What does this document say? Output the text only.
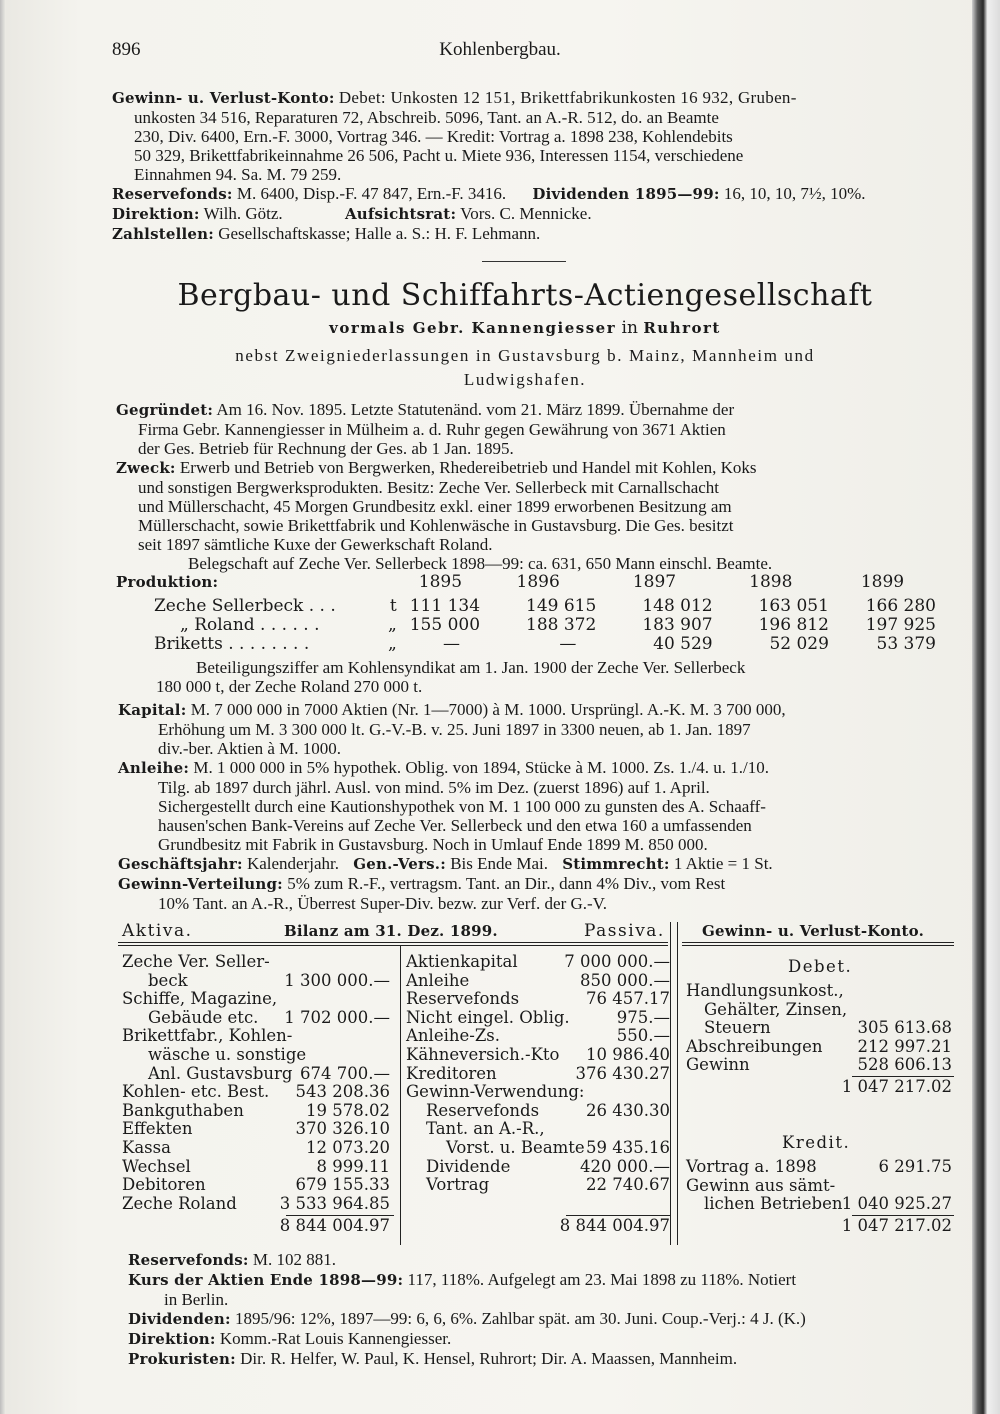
896	Kohlenbergbau.
Gewinn- u. Verlust-Konto: Debet: Unkosten 12 151, Brikettfabrikunkosten 16 932, Gruben-
unkosten 34 516, Reparaturen 72, Abschreib. 5096, Tant. an A.-R. 512, do. an Beamte
230, Div. 6400, Ern.-F. 3000, Vortrag 346. — Kredit: Vortrag a. 1898 238, Kohlendebits
50 329, Brikettfabrikeinnahme 26 506, Pacht u. Miete 936, Interessen 1154, verschiedene
Einnahmen 94. Sa. M. 79 259.
Reservefonds: M. 6400, Disp.-F. 47 847, Ern.-F. 3416. Dividenden 1895—99: 16, 10, 10, 7½, 10%.
Direktion: Wilh. Götz.	Aufsichtsrat: Vors. C. Mennicke.
Zahlstellen: Gesellschaftskasse; Halle a. S.: H. F. Lehmann.
Bergbau- und Schiffahrts-Actiengesellschaft
vormals Gebr. Kannengiesser in Ruhrort
nebst Zweigniederlassungen in Gustavsburg b. Mainz, Mannheim und
Ludwigshafen.
Gegründet: Am 16. Nov. 1895. Letzte Statutenänd. vom 21. März 1899. Übernahme der
Firma Gebr. Kannengiesser in Mülheim a. d. Ruhr gegen Gewährung von 3671 Aktien
der Ges. Betrieb für Rechnung der Ges. ab 1 Jan. 1895.
Zweck: Erwerb und Betrieb von Bergwerken, Rhedereibetrieb und Handel mit Kohlen, Koks
und sonstigen Bergwerksprodukten. Besitz: Zeche Ver. Sellerbeck mit Carnallschacht
und Müllerschacht, 45 Morgen Grundbesitz exkl. einer 1899 erworbenen Besitzung am
Müllerschacht, sowie Brikettfabrik und Kohlenwäsche in Gustavsburg. Die Ges. besitzt
seit 1897 sämtliche Kuxe der Gewerkschaft Roland.
Belegschaft auf Zeche Ver. Sellerbeck 1898—99: ca. 631, 650 Mann einschl. Beamte.
Produktion:	1895	1896	1897	1898	1899

Zeche Sellerbeck . . . t	111 134	149 615	148 012	163 051	166 280
„ Roland . . . . . . „	155 000	188 372	183 907	196 812	197 925
Briketts . . . . . . . . „	—	—	40 529	52 029	53 379
Beteiligungsziffer am Kohlensyndikat am 1. Jan. 1900 der Zeche Ver. Sellerbeck
180 000 t, der Zeche Roland 270 000 t.
Kapital: M. 7 000 000 in 7000 Aktien (Nr. 1—7000) à M. 1000. Ursprüngl. A.-K. M. 3 700 000,
Erhöhung um M. 3 300 000 lt. G.-V.-B. v. 25. Juni 1897 in 3300 neuen, ab 1. Jan. 1897
div.-ber. Aktien à M. 1000.
Anleihe: M. 1 000 000 in 5% hypothek. Oblig. von 1894, Stücke à M. 1000. Zs. 1./4. u. 1./10.
Tilg. ab 1897 durch jährl. Ausl. von mind. 5% im Dez. (zuerst 1896) auf 1. April.
Sichergestellt durch eine Kautionshypothek von M. 1 100 000 zu gunsten des A. Schaaff-
hausen'schen Bank-Vereins auf Zeche Ver. Sellerbeck und den etwa 160 a umfassenden
Grundbesitz mit Fabrik in Gustavsburg. Noch in Umlauf Ende 1899 M. 850 000.
Geschäftsjahr: Kalenderjahr. Gen.-Vers.: Bis Ende Mai. Stimmrecht: 1 Aktie = 1 St.
Gewinn-Verteilung: 5% zum R.-F., vertragsm. Tant. an Dir., dann 4% Div., vom Rest
10% Tant. an A.-R., Überrest Super-Div. bezw. zur Verf. der G.-V.
Aktiva.	Bilanz am 31. Dez. 1899.	Passiva. Gewinn- u. Verlust-Konto.
Reservefonds: M. 102 881.
Kurs der Aktien Ende 1898—99: 117, 118%. Aufgelegt am 23. Mai 1898 zu 118%. Notiert
in Berlin.
Dividenden: 1895/96: 12%, 1897—99: 6, 6, 6%. Zahlbar spät. am 30. Juni. Coup.-Verj.: 4 J. (K.)
Direktion: Komm.-Rat Louis Kannengiesser.
Prokuristen: Dir. R. Helfer, W. Paul, K. Hensel, Ruhrort; Dir. A. Maassen, Mannheim.
Zeche Ver. Seller-
beck	1 300 000.—
Schiffe, Magazine,
Gebäude etc.	1 702 000.—
Brikettfabr., Kohlen-
wäsche u. sonstige
Anl. Gustavsburg 674 700.—
Kohlen- etc. Best.	543 208.36
Bankguthaben	19 578.02
Effekten	370 326.10
Kassa	12 073.20
Wechsel	8 999.11
Debitoren	679 155.33
Zeche Roland	3 533 964.85
8 844 004.97
Aktienkapital	7 000 000.—
Anleihe	850 000.—
Reservefonds	76 457.17
Nicht eingel. Oblig.	975.—
Anleihe-Zs.	550.—
Kähneversich.-Kto	10 986.40
Kreditoren	376 430.27
Gewinn-Verwendung:
Reservefonds	26 430.30
Tant. an A.-R.,
Vorst. u. Beamte 59 435.16
Dividende	420 000.—
Vortrag	22 740.67
8 844 004.97
Debet.
Handlungsunkost.,
Gehälter, Zinsen,
Steuern	305 613.68
Abschreibungen	212 997.21
Gewinn	528 606.13
1 047 217.02
Kredit.
Vortrag a. 1898	6 291.75
Gewinn aus sämt-
lichen Betrieben 1 040 925.27
1 047 217.02
